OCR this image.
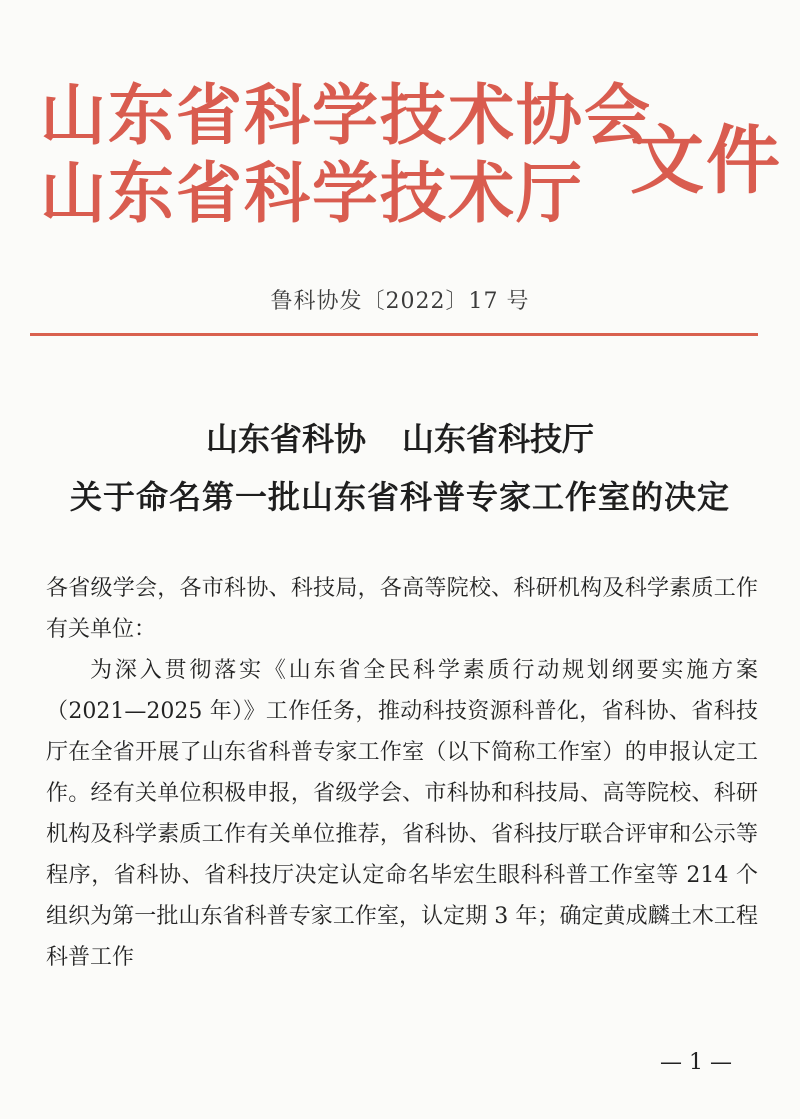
山东省科学技术协会
山东省科学技术厅 文件
鲁科协发〔2022〕17 号
山东省科协 山东省科技厅
关于命名第一批山东省科普专家工作室的决定

各省级学会，各市科协、科技局，各高等院校、科研机构及科学素质工作有关单位：

为深入贯彻落实《山东省全民科学素质行动规划纲要实施方案（2021—2025 年）》工作任务，推动科技资源科普化，省科协、省科技厅在全省开展了山东省科普专家工作室（以下简称工作室）的申报认定工作。经有关单位积极申报，省级学会、市科协和科技局、高等院校、科研机构及科学素质工作有关单位推荐，省科协、省科技厅联合评审和公示等程序，省科协、省科技厅决定认定命名毕宏生眼科科普工作室等 214 个组织为第一批山东省科普专家工作室，认定期 3 年；确定黄成麟土木工程科普工作

— 1 —
